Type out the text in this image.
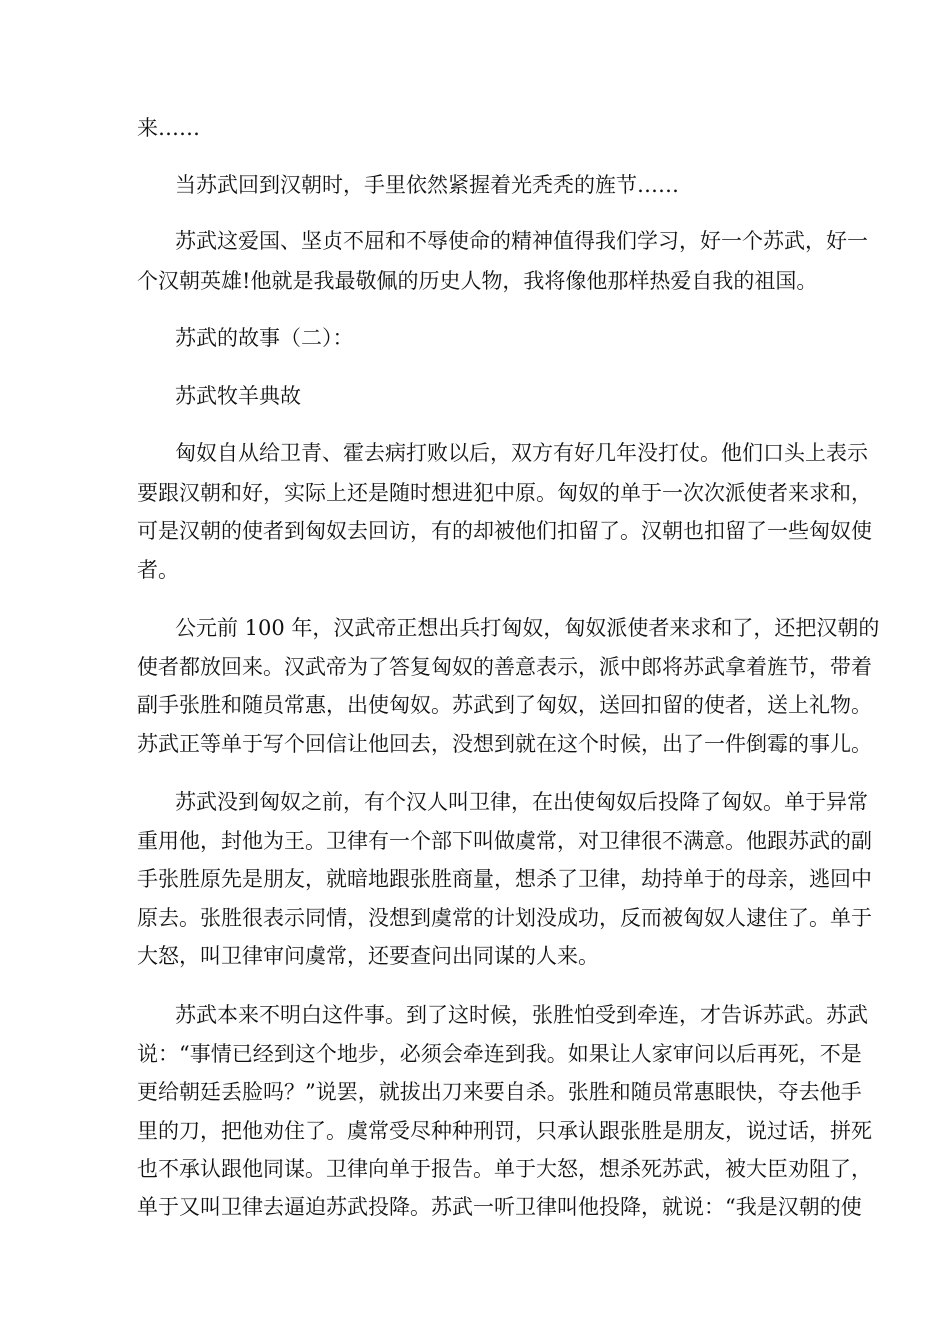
来……
当苏武回到汉朝时，手里依然紧握着光秃秃的旌节……
苏武这爱国、坚贞不屈和不辱使命的精神值得我们学习，好一个苏武，好一
个汉朝英雄!他就是我最敬佩的历史人物，我将像他那样热爱自我的祖国。
苏武的故事（二）：
苏武牧羊典故
匈奴自从给卫青、霍去病打败以后，双方有好几年没打仗。他们口头上表示
要跟汉朝和好，实际上还是随时想进犯中原。匈奴的单于一次次派使者来求和，
可是汉朝的使者到匈奴去回访，有的却被他们扣留了。汉朝也扣留了一些匈奴使
者。
公元前 100 年，汉武帝正想出兵打匈奴，匈奴派使者来求和了，还把汉朝的
使者都放回来。汉武帝为了答复匈奴的善意表示，派中郎将苏武拿着旌节，带着
副手张胜和随员常惠，出使匈奴。苏武到了匈奴，送回扣留的使者，送上礼物。
苏武正等单于写个回信让他回去，没想到就在这个时候，出了一件倒霉的事儿。
苏武没到匈奴之前，有个汉人叫卫律，在出使匈奴后投降了匈奴。单于异常
重用他，封他为王。卫律有一个部下叫做虞常，对卫律很不满意。他跟苏武的副
手张胜原先是朋友，就暗地跟张胜商量，想杀了卫律，劫持单于的母亲，逃回中
原去。张胜很表示同情，没想到虞常的计划没成功，反而被匈奴人逮住了。单于
大怒，叫卫律审问虞常，还要查问出同谋的人来。
苏武本来不明白这件事。到了这时候，张胜怕受到牵连，才告诉苏武。苏武
说：“事情已经到这个地步，必须会牵连到我。如果让人家审问以后再死，不是
更给朝廷丢脸吗？”说罢，就拔出刀来要自杀。张胜和随员常惠眼快，夺去他手
里的刀，把他劝住了。虞常受尽种种刑罚，只承认跟张胜是朋友，说过话，拼死
也不承认跟他同谋。卫律向单于报告。单于大怒，想杀死苏武，被大臣劝阻了，
单于又叫卫律去逼迫苏武投降。苏武一听卫律叫他投降，就说：“我是汉朝的使
